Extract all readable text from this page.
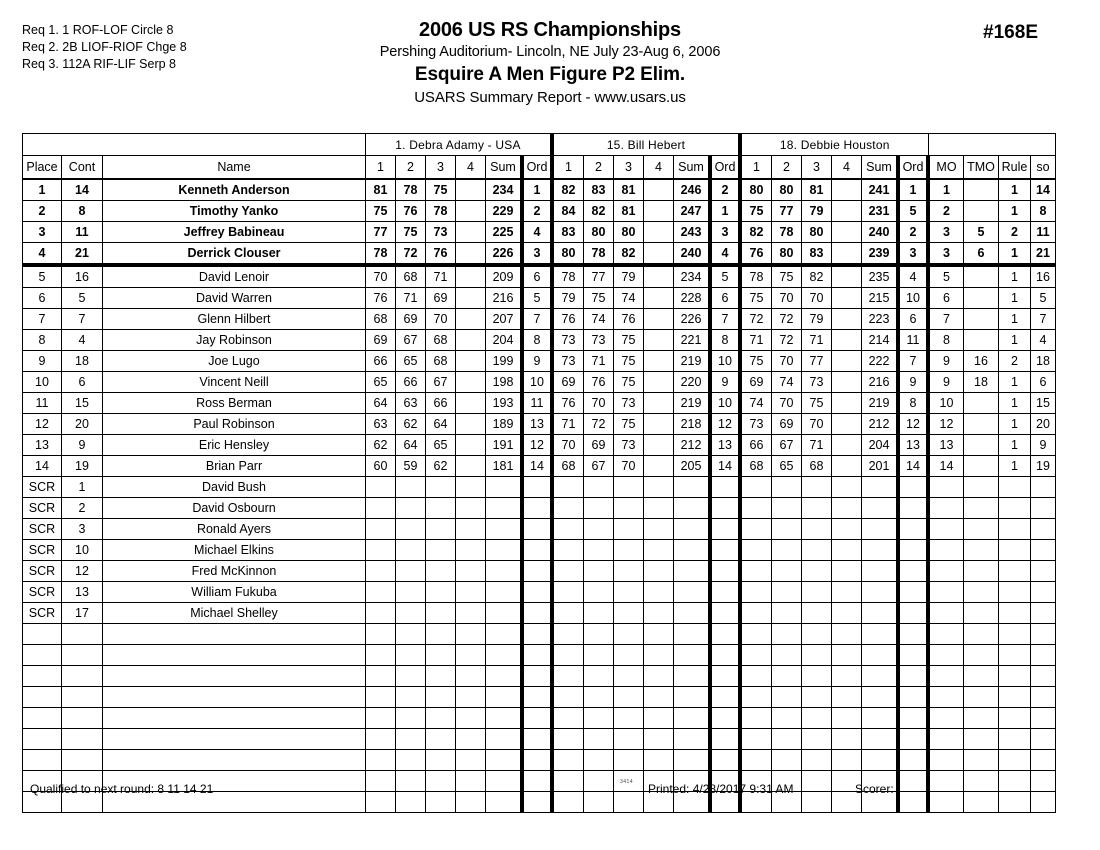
Req 1. 1 ROF-LOF Circle 8
Req 2. 2B LIOF-RIOF Chge 8
Req 3. 112A RIF-LIF Serp 8
2006 US RS Championships
Pershing Auditorium- Lincoln, NE July 23-Aug 6, 2006
Esquire A Men Figure P2 Elim.
USARS Summary Report - www.usars.us
#168E
			1. Debra Adamy - USA						15. Bill Hebert						18. Debbie Houston									
Place	Cont	Name	1	2	3	4	Sum	Ord	1	2	3	4	Sum	Ord	1	2	3	4	Sum	Ord	MO	TMO	Rule	so
1	14	Kenneth Anderson	81	78	75		234	1	82	83	81		246	2	80	80	81		241	1	1		1	14
2	8	Timothy Yanko	75	76	78		229	2	84	82	81		247	1	75	77	79		231	5	2		1	8
3	11	Jeffrey Babineau	77	75	73		225	4	83	80	80		243	3	82	78	80		240	2	3	5	2	11
4	21	Derrick Clouser	78	72	76		226	3	80	78	82		240	4	76	80	83		239	3	3	6	1	21
5	16	David Lenoir	70	68	71		209	6	78	77	79		234	5	78	75	82		235	4	5		1	16
6	5	David Warren	76	71	69		216	5	79	75	74		228	6	75	70	70		215	10	6		1	5
7	7	Glenn Hilbert	68	69	70		207	7	76	74	76		226	7	72	72	79		223	6	7		1	7
8	4	Jay Robinson	69	67	68		204	8	73	73	75		221	8	71	72	71		214	11	8		1	4
9	18	Joe Lugo	66	65	68		199	9	73	71	75		219	10	75	70	77		222	7	9	16	2	18
10	6	Vincent Neill	65	66	67		198	10	69	76	75		220	9	69	74	73		216	9	9	18	1	6
11	15	Ross Berman	64	63	66		193	11	76	70	73		219	10	74	70	75		219	8	10		1	15
12	20	Paul Robinson	63	62	64		189	13	71	72	75		218	12	73	69	70		212	12	12		1	20
13	9	Eric Hensley	62	64	65		191	12	70	69	73		212	13	66	67	71		204	13	13		1	9
14	19	Brian Parr	60	59	62		181	14	68	67	70		205	14	68	65	68		201	14	14		1	19
SCR	1	David Bush																						
SCR	2	David Osbourn																						
SCR	3	Ronald Ayers																						
SCR	10	Michael Elkins																						
SCR	12	Fred McKinnon																						
SCR	13	William Fukuba																						
SCR	17	Michael Shelley																						

Qualified to next round: 8 11 14 21	3414 Printed: 4/28/2017 9:31 AM	Scorer:
